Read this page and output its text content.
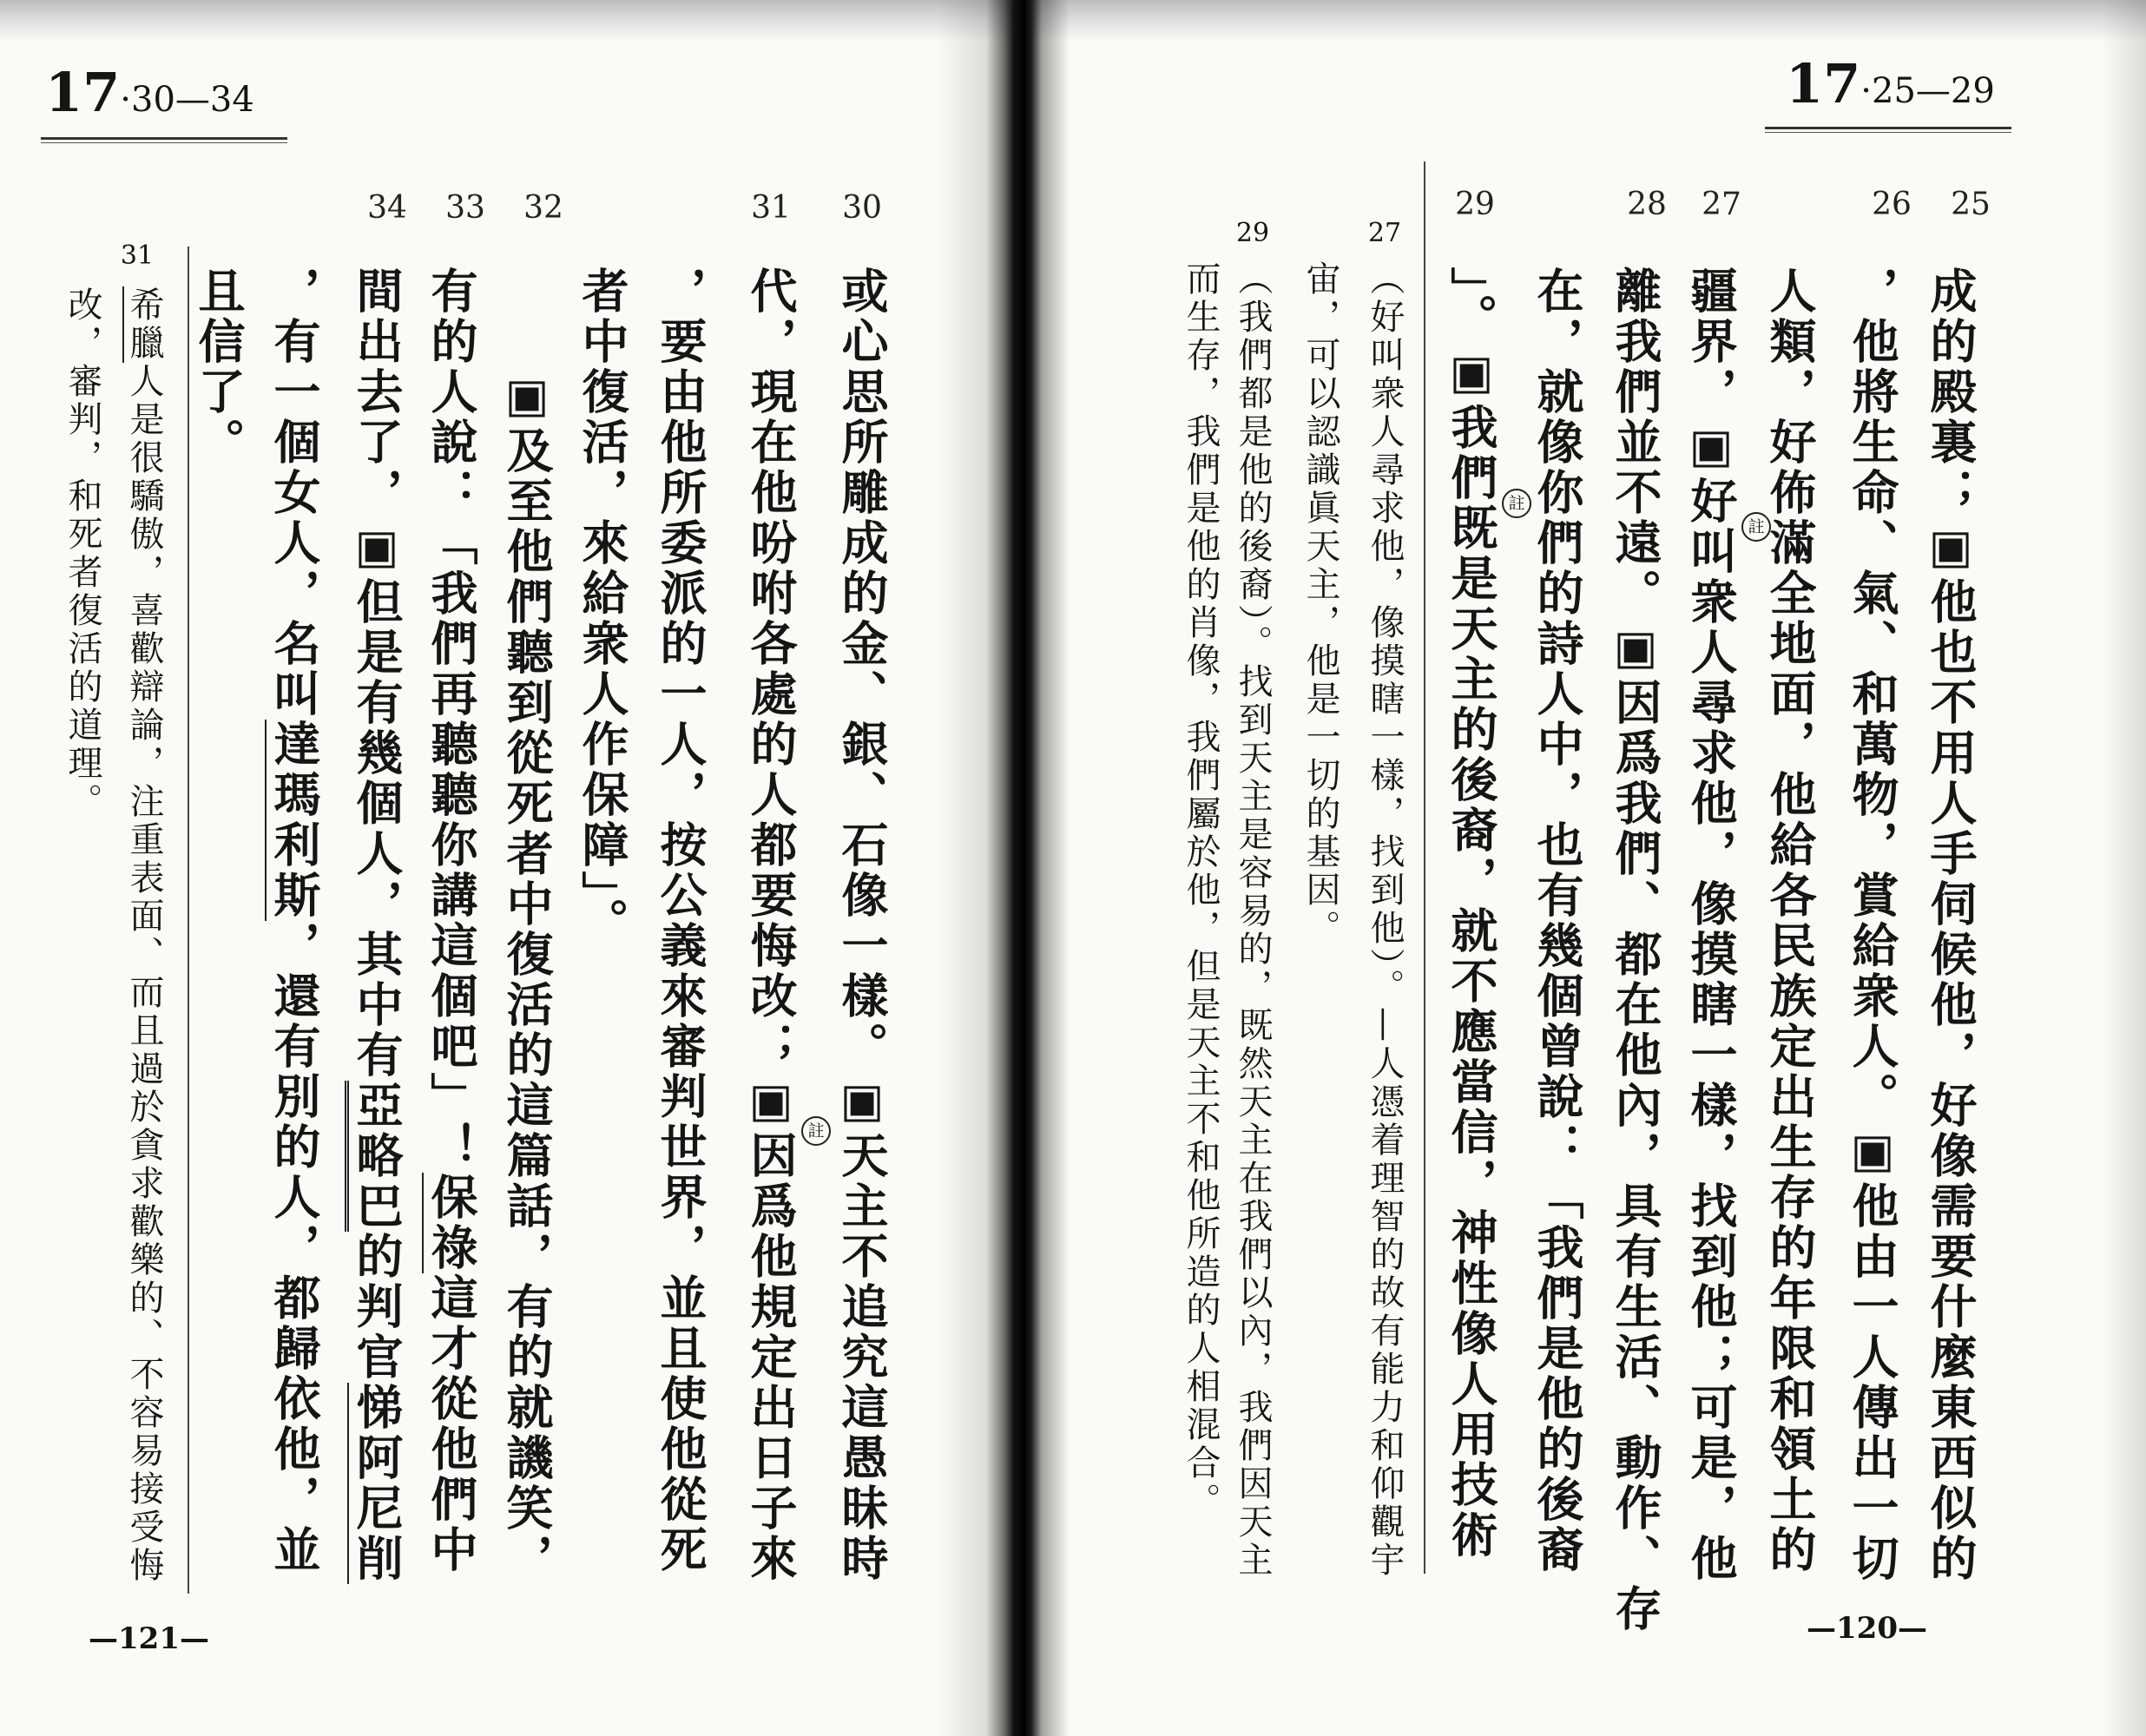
17·30—34
30
31
32
33
34
或心思所雕成的金、銀、石像一樣。▣天主不追究這愚昧時
代，現在他吩咐各處的人都要悔改；▣ 註因爲他規定出日子來
，要由他所委派的一人，按公義來審判世界，並且使他從死
者中復活，來給衆人作保障」。
▣及至他們聽到從死者中復活的這篇話，有的就譏笑，
有的人說：「我們再聽聽你講這個吧」！保祿這才從他們中
間出去了，▣但是有幾個人，其中有亞略巴的判官悌阿尼削
，有一個女人，名叫達瑪利斯，還有別的人，都歸依他，並
且信了。
31
希臘人是很驕傲，喜歡辯論，注重表面、而且過於貪求歡樂的、不容易接受悔
改，審判，和死者復活的道理。
—121—
17·25—29
25
26
27
28
29
成的殿裏；▣他也不用人手伺候他，好像需要什麼東西似的
，他將生命、氣、和萬物，賞給衆人。▣他由一人傳出一切
人類，好佈滿全地面，他給各民族定出生存的年限和領土的
疆界，▣好 註叫衆人尋求他，像摸瞎一樣，找到他；可是，他
離我們並不遠。▣因爲我們、都在他內，具有生活、動作、存
在，就像你們的詩人中，也有幾個曾說：「我們是他的後裔
」。▣我們 註既是天主的後裔，就不應當信，神性像人用技術
27
（好叫衆人尋求他，像摸瞎一樣，找到他）。—人憑着理智的故有能力和仰觀宇
宙，可以認識眞天主，他是一切的基因。
29
（我們都是他的後裔）。找到天主是容易的，既然天主在我們以內，我們因天主
而生存，我們是他的肖像，我們屬於他，但是天主不和他所造的人相混合。
—120—
